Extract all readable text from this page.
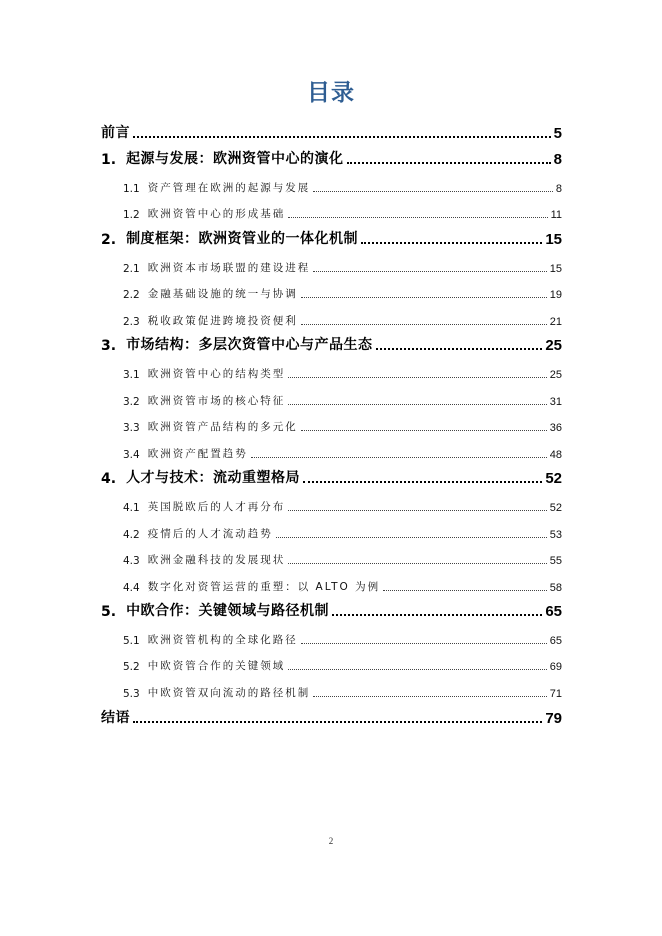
目录
前言	5
1. 起源与发展：欧洲资管中心的演化	8
1.1 资产管理在欧洲的起源与发展	8
1.2 欧洲资管中心的形成基础	11
2. 制度框架：欧洲资管业的一体化机制	15
2.1 欧洲资本市场联盟的建设进程	15
2.2 金融基础设施的统一与协调	19
2.3 税收政策促进跨境投资便利	21
3. 市场结构：多层次资管中心与产品生态	25
3.1 欧洲资管中心的结构类型	25
3.2 欧洲资管市场的核心特征	31
3.3 欧洲资管产品结构的多元化	36
3.4 欧洲资产配置趋势	48
4. 人才与技术：流动重塑格局	52
4.1 英国脱欧后的人才再分布	52
4.2 疫情后的人才流动趋势	53
4.3 欧洲金融科技的发展现状	55
4.4 数字化对资管运营的重塑：以 ALTO 为例	58
5. 中欧合作：关键领域与路径机制	65
5.1 欧洲资管机构的全球化路径	65
5.2 中欧资管合作的关键领域	69
5.3 中欧资管双向流动的路径机制	71
结语	79
2
